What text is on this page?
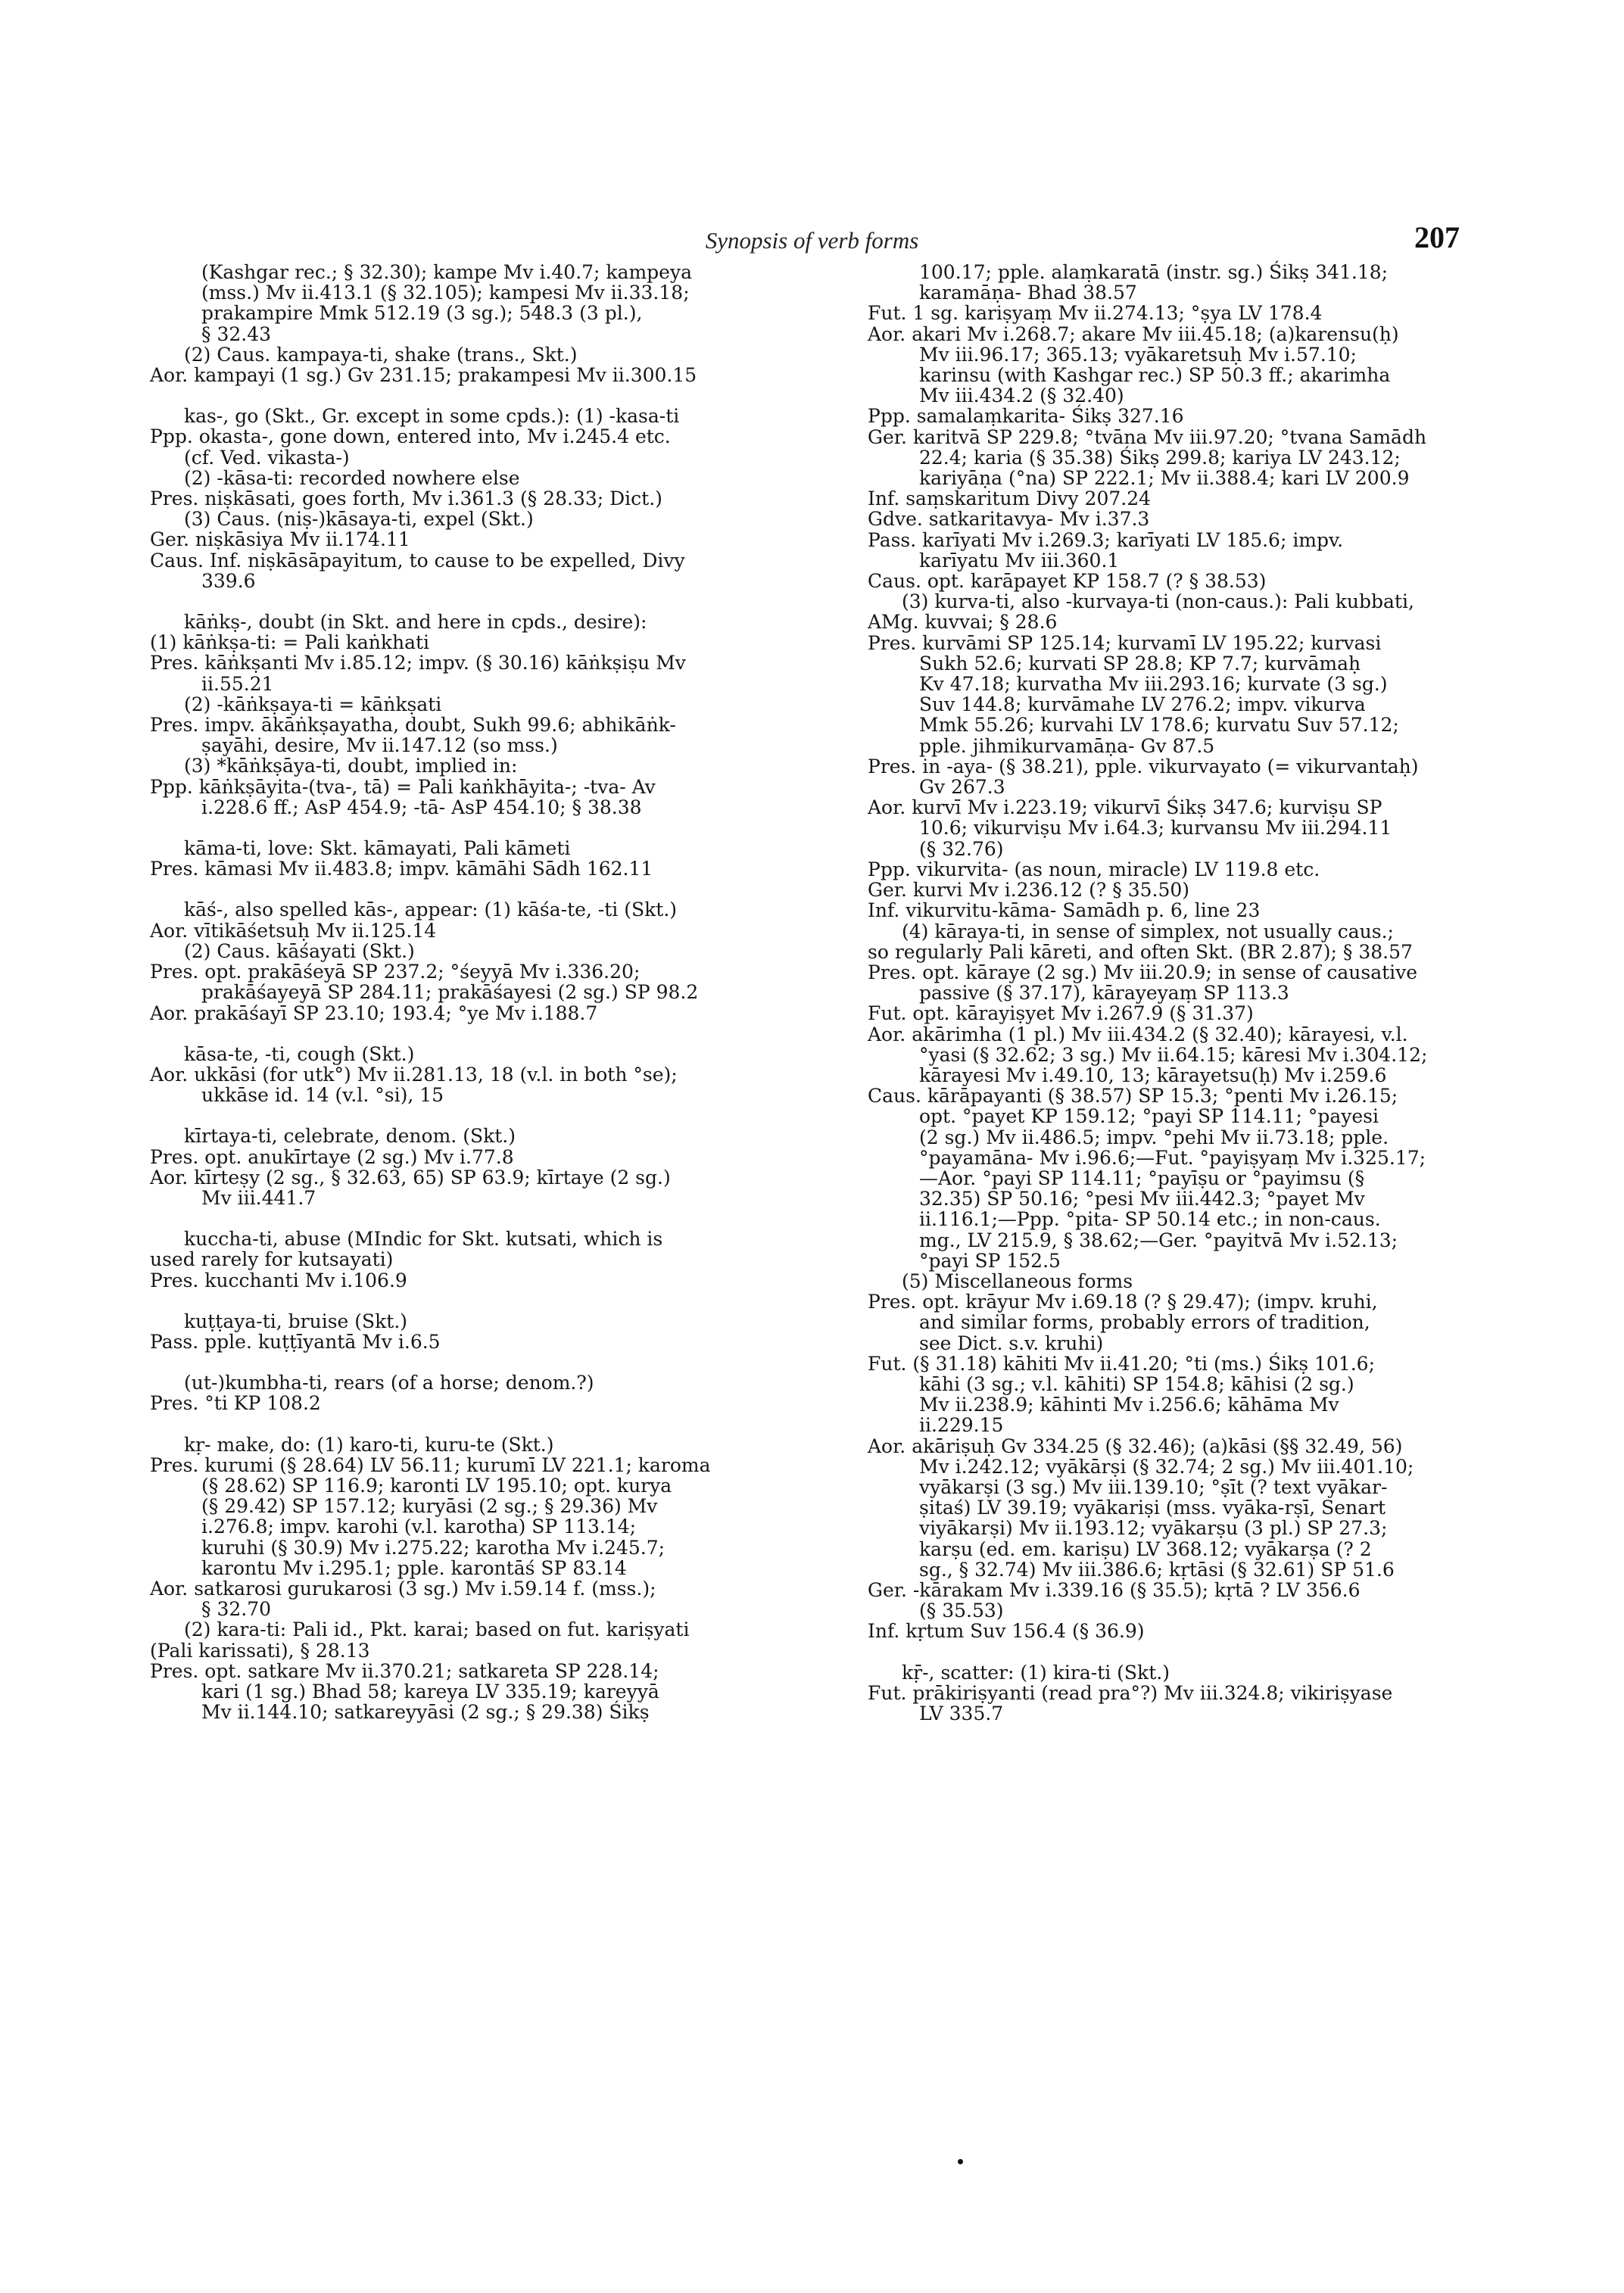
Synopsis of verb forms	207
(Kashgar rec.; § 32.30); kampe Mv i.40.7; kampeya
(mss.) Mv ii.413.1 (§ 32.105); kampesi Mv ii.33.18;
prakampire Mmk 512.19 (3 sg.); 548.3 (3 pl.),
§ 32.43
(2) Caus. kampaya-ti, shake (trans., Skt.)
Aor. kampayi (1 sg.) Gv 231.15; prakampesi Mv ii.300.15
kas-, go (Skt., Gr. except in some cpds.): (1) -kasa-ti
Ppp. okasta-, gone down, entered into, Mv i.245.4 etc.
(cf. Ved. vikasta-)
(2) -kāsa-ti: recorded nowhere else
Pres. niṣkāsati, goes forth, Mv i.361.3 (§ 28.33; Dict.)
(3) Caus. (niṣ-)kāsaya-ti, expel (Skt.)
Ger. niṣkāsiya Mv ii.174.11
Caus. Inf. niṣkāsāpayitum, to cause to be expelled, Divy
339.6
kāṅkṣ-, doubt (in Skt. and here in cpds., desire):
(1) kāṅkṣa-ti: = Pali kaṅkhati
Pres. kāṅkṣanti Mv i.85.12; impv. (§ 30.16) kāṅkṣiṣu Mv
ii.55.21
(2) -kāṅkṣaya-ti = kāṅkṣati
Pres. impv. ākāṅkṣayatha, doubt, Sukh 99.6; abhikāṅk-
ṣayāhi, desire, Mv ii.147.12 (so mss.)
(3) *kāṅkṣāya-ti, doubt, implied in:
Ppp. kāṅkṣāyita-(tva-, tā) = Pali kaṅkhāyita-; -tva- Av
i.228.6 ff.; AsP 454.9; -tā- AsP 454.10; § 38.38
kāma-ti, love: Skt. kāmayati, Pali kāmeti
Pres. kāmasi Mv ii.483.8; impv. kāmāhi Sādh 162.11
kāś-, also spelled kās-, appear: (1) kāśa-te, -ti (Skt.)
Aor. vītikāśetsuḥ Mv ii.125.14
(2) Caus. kāśayati (Skt.)
Pres. opt. prakāśeyā SP 237.2; °śeyyā Mv i.336.20;
prakāśayeyā SP 284.11; prakāśayesi (2 sg.) SP 98.2
Aor. prakāśayī SP 23.10; 193.4; °ye Mv i.188.7
kāsa-te, -ti, cough (Skt.)
Aor. ukkāsi (for utk°) Mv ii.281.13, 18 (v.l. in both °se);
ukkāse id. 14 (v.l. °si), 15
kīrtaya-ti, celebrate, denom. (Skt.)
Pres. opt. anukīrtaye (2 sg.) Mv i.77.8
Aor. kīrteṣy (2 sg., § 32.63, 65) SP 63.9; kīrtaye (2 sg.)
Mv iii.441.7
kuccha-ti, abuse (MIndic for Skt. kutsati, which is
used rarely for kutsayati)
Pres. kucchanti Mv i.106.9
kuṭṭaya-ti, bruise (Skt.)
Pass. pple. kuṭṭīyantā Mv i.6.5
(ut-)kumbha-ti, rears (of a horse; denom.?)
Pres. °ti KP 108.2
kṛ- make, do: (1) karo-ti, kuru-te (Skt.)
Pres. kurumi (§ 28.64) LV 56.11; kurumī LV 221.1; karoma
(§ 28.62) SP 116.9; karonti LV 195.10; opt. kurya
(§ 29.42) SP 157.12; kuryāsi (2 sg.; § 29.36) Mv
i.276.8; impv. karohi (v.l. karotha) SP 113.14;
kuruhi (§ 30.9) Mv i.275.22; karotha Mv i.245.7;
karontu Mv i.295.1; pple. karontāś SP 83.14
Aor. satkarosi gurukarosi (3 sg.) Mv i.59.14 f. (mss.);
§ 32.70
(2) kara-ti: Pali id., Pkt. karai; based on fut. kariṣyati
(Pali karissati), § 28.13
Pres. opt. satkare Mv ii.370.21; satkareta SP 228.14;
kari (1 sg.) Bhad 58; kareya LV 335.19; kareyyā
Mv ii.144.10; satkareyyāsi (2 sg.; § 29.38) Śikṣ
100.17; pple. alaṃkaratā (instr. sg.) Śikṣ 341.18;
karamāṇa- Bhad 38.57
Fut. 1 sg. kariṣyaṃ Mv ii.274.13; °ṣya LV 178.4
Aor. akari Mv i.268.7; akare Mv iii.45.18; (a)karensu(ḥ)
Mv iii.96.17; 365.13; vyākaretsuḥ Mv i.57.10;
karinsu (with Kashgar rec.) SP 50.3 ff.; akarimha
Mv iii.434.2 (§ 32.40)
Ppp. samalaṃkarita- Śikṣ 327.16
Ger. karitvā SP 229.8; °tvāna Mv iii.97.20; °tvana Samādh
22.4; karia (§ 35.38) Śikṣ 299.8; kariya LV 243.12;
kariyāṇa (°na) SP 222.1; Mv ii.388.4; kari LV 200.9
Inf. saṃskaritum Divy 207.24
Gdve. satkaritavya- Mv i.37.3
Pass. karīyati Mv i.269.3; karīyati LV 185.6; impv.
karīyatu Mv iii.360.1
Caus. opt. karāpayet KP 158.7 (? § 38.53)
(3) kurva-ti, also -kurvaya-ti (non-caus.): Pali kubbati,
AMg. kuvvai; § 28.6
Pres. kurvāmi SP 125.14; kurvamī LV 195.22; kurvasi
Sukh 52.6; kurvati SP 28.8; KP 7.7; kurvāmaḥ
Kv 47.18; kurvatha Mv iii.293.16; kurvate (3 sg.)
Suv 144.8; kurvāmahe LV 276.2; impv. vikurva
Mmk 55.26; kurvahi LV 178.6; kurvatu Suv 57.12;
pple. jihmikurvamāṇa- Gv 87.5
Pres. in -aya- (§ 38.21), pple. vikurvayato (= vikurvantaḥ)
Gv 267.3
Aor. kurvī Mv i.223.19; vikurvī Śikṣ 347.6; kurviṣu SP
10.6; vikurviṣu Mv i.64.3; kurvansu Mv iii.294.11
(§ 32.76)
Ppp. vikurvita- (as noun, miracle) LV 119.8 etc.
Ger. kurvi Mv i.236.12 (? § 35.50)
Inf. vikurvitu-kāma- Samādh p. 6, line 23
(4) kāraya-ti, in sense of simplex, not usually caus.;
so regularly Pali kāreti, and often Skt. (BR 2.87); § 38.57
Pres. opt. kāraye (2 sg.) Mv iii.20.9; in sense of causative
passive (§ 37.17), kārayeyaṃ SP 113.3
Fut. opt. kārayiṣyet Mv i.267.9 (§ 31.37)
Aor. akārimha (1 pl.) Mv iii.434.2 (§ 32.40); kārayesi, v.l.
°yasi (§ 32.62; 3 sg.) Mv ii.64.15; kāresi Mv i.304.12;
kārayesi Mv i.49.10, 13; kārayetsu(ḥ) Mv i.259.6
Caus. kārāpayanti (§ 38.57) SP 15.3; °penti Mv i.26.15;
opt. °payet KP 159.12; °payi SP 114.11; °payesi
(2 sg.) Mv ii.486.5; impv. °pehi Mv ii.73.18; pple.
°payamāna- Mv i.96.6;—Fut. °payiṣyaṃ Mv i.325.17;
—Aor. °payi SP 114.11; °payīṣu or °payimsu (§
32.35) SP 50.16; °pesi Mv iii.442.3; °payet Mv
ii.116.1;—Ppp. °pita- SP 50.14 etc.; in non-caus.
mg., LV 215.9, § 38.62;—Ger. °payitvā Mv i.52.13;
°payi SP 152.5
(5) Miscellaneous forms
Pres. opt. krāyur Mv i.69.18 (? § 29.47); (impv. kruhi,
and similar forms, probably errors of tradition,
see Dict. s.v. kruhi)
Fut. (§ 31.18) kāhiti Mv ii.41.20; °ti (ms.) Śikṣ 101.6;
kāhi (3 sg.; v.l. kāhiti) SP 154.8; kāhisi (2 sg.)
Mv ii.238.9; kāhinti Mv i.256.6; kāhāma Mv
ii.229.15
Aor. akāriṣuḥ Gv 334.25 (§ 32.46); (a)kāsi (§§ 32.49, 56)
Mv i.242.12; vyākārṣi (§ 32.74; 2 sg.) Mv iii.401.10;
vyākarṣi (3 sg.) Mv iii.139.10; °ṣīt (? text vyākar-
ṣitaś) LV 39.19; vyākariṣi (mss. vyāka-rṣī, Senart
viyākarṣi) Mv ii.193.12; vyākarṣu (3 pl.) SP 27.3;
karṣu (ed. em. kariṣu) LV 368.12; vyākarṣa (? 2
sg., § 32.74) Mv iii.386.6; kṛtāsi (§ 32.61) SP 51.6
Ger. -kārakam Mv i.339.16 (§ 35.5); kṛtā ? LV 356.6
(§ 35.53)
Inf. kṛtum Suv 156.4 (§ 36.9)
kṝ-, scatter: (1) kira-ti (Skt.)
Fut. prākiriṣyanti (read pra°?) Mv iii.324.8; vikiriṣyase
LV 335.7
